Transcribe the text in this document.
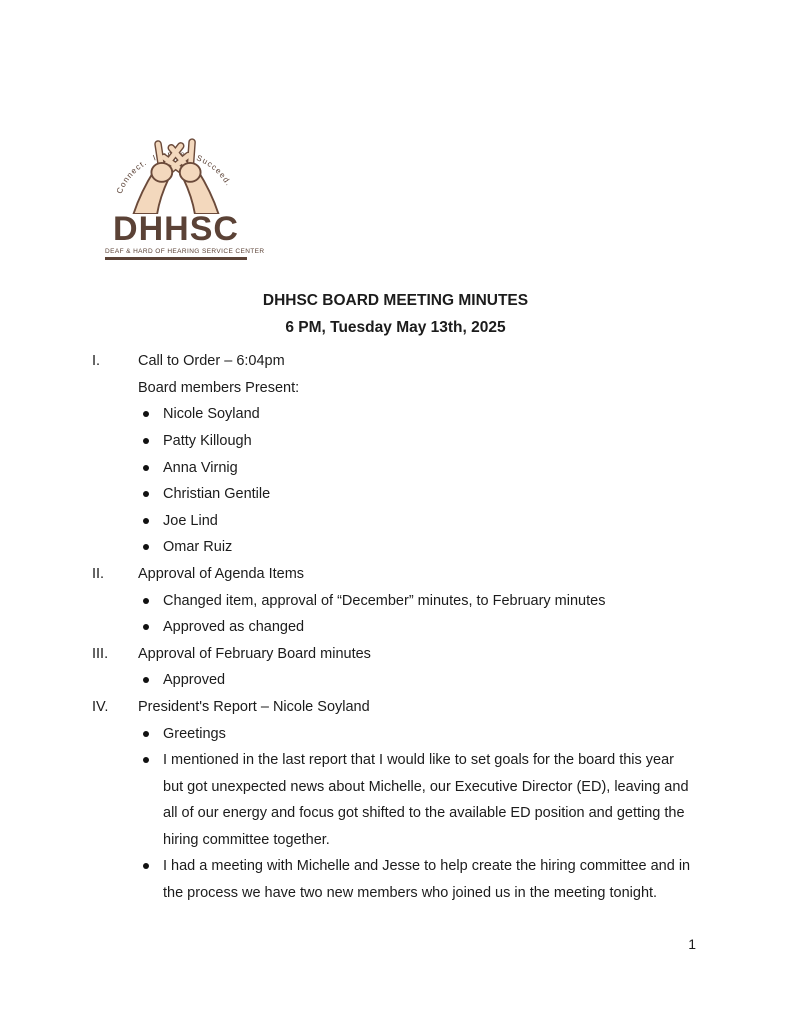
Connect. Inspire. Succeed.
DHHSC
DEAF & HARD OF HEARING SERVICE CENTER
DHHSC BOARD MEETING MINUTES
6 PM, Tuesday May 13th, 2025
I.	Call to Order – 6:04pm
Board members Present:
Nicole Soyland
Patty Killough
Anna Virnig
Christian Gentile
Joe Lind
Omar Ruiz
II.	Approval of Agenda Items
Changed item, approval of “December” minutes, to February minutes
Approved as changed
III.	Approval of February Board minutes
Approved
IV.	President's Report – Nicole Soyland
Greetings
I mentioned in the last report that I would like to set goals for the board this year but got unexpected news about Michelle, our Executive Director (ED), leaving and all of our energy and focus got shifted to the available ED position and getting the hiring committee together.
I had a meeting with Michelle and Jesse to help create the hiring committee and in the process we have two new members who joined us in the meeting tonight.
1
